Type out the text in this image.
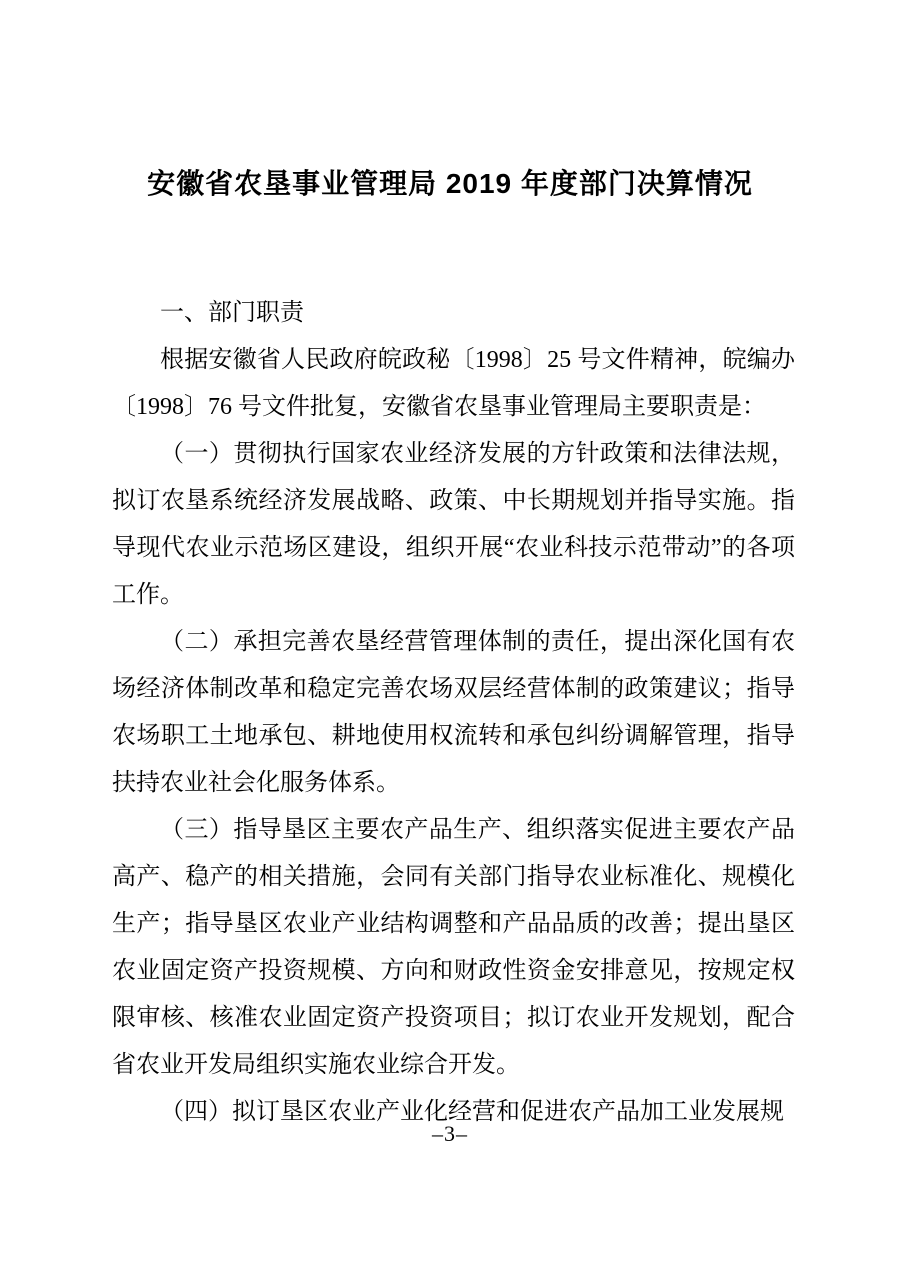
安徽省农垦事业管理局 2019 年度部门决算情况

一、部门职责

根据安徽省人民政府皖政秘〔1998〕25 号文件精神，皖编办〔1998〕76 号文件批复，安徽省农垦事业管理局主要职责是：

（一）贯彻执行国家农业经济发展的方针政策和法律法规，拟订农垦系统经济发展战略、政策、中长期规划并指导实施。指导现代农业示范场区建设，组织开展“农业科技示范带动”的各项工作。

（二）承担完善农垦经营管理体制的责任，提出深化国有农场经济体制改革和稳定完善农场双层经营体制的政策建议；指导农场职工土地承包、耕地使用权流转和承包纠纷调解管理，指导扶持农业社会化服务体系。

（三）指导垦区主要农产品生产、组织落实促进主要农产品高产、稳产的相关措施，会同有关部门指导农业标准化、规模化生产；指导垦区农业产业结构调整和产品品质的改善；提出垦区农业固定资产投资规模、方向和财政性资金安排意见，按规定权限审核、核准农业固定资产投资项目；拟订农业开发规划，配合省农业开发局组织实施农业综合开发。

（四）拟订垦区农业产业化经营和促进农产品加工业发展规

–3–
